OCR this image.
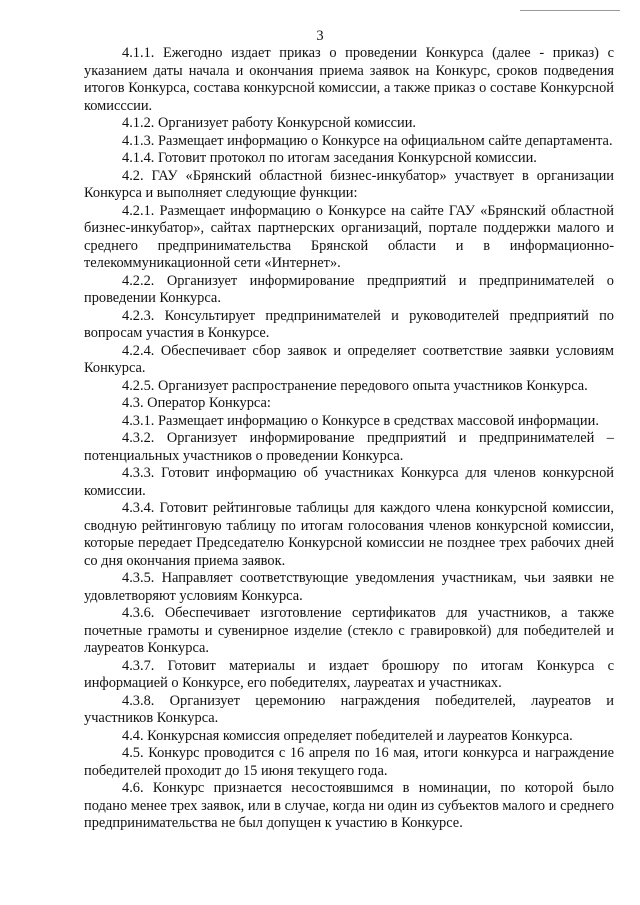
3

4.1.1. Ежегодно издает приказ о проведении Конкурса (далее - приказ) с указанием даты начала и окончания приема заявок на Конкурс, сроков подведения итогов Конкурса, состава конкурсной комиссии, а также приказ о составе Конкурсной комисссии.

4.1.2. Организует работу Конкурсной комиссии.

4.1.3. Размещает информацию о Конкурсе на официальном сайте департамента.

4.1.4. Готовит протокол по итогам заседания Конкурсной комиссии.

4.2. ГАУ «Брянский областной бизнес-инкубатор» участвует в организации Конкурса и выполняет следующие функции:

4.2.1. Размещает информацию о Конкурсе на сайте ГАУ «Брянский областной бизнес-инкубатор», сайтах партнерских организаций, портале поддержки малого и среднего предпринимательства Брянской области и в информационно-телекоммуникационной сети «Интернет».

4.2.2. Организует информирование предприятий и предпринимателей о проведении Конкурса.

4.2.3. Консультирует предпринимателей и руководителей предприятий по вопросам участия в Конкурсе.

4.2.4. Обеспечивает сбор заявок и определяет соответствие заявки условиям Конкурса.

4.2.5. Организует распространение передового опыта участников Конкурса.

4.3. Оператор Конкурса:

4.3.1. Размещает информацию о Конкурсе в средствах массовой информации.

4.3.2. Организует информирование предприятий и предпринимателей – потенциальных участников о проведении Конкурса.

4.3.3. Готовит информацию об участниках Конкурса для членов конкурсной комиссии.

4.3.4. Готовит рейтинговые таблицы для каждого члена конкурсной комиссии, сводную рейтинговую таблицу по итогам голосования членов конкурсной комиссии, которые передает Председателю Конкурсной комиссии не позднее трех рабочих дней со дня окончания приема заявок.

4.3.5. Направляет соответствующие уведомления участникам, чьи заявки не удовлетворяют условиям Конкурса.

4.3.6. Обеспечивает изготовление сертификатов для участников, а также почетные грамоты и сувенирное изделие (стекло с гравировкой) для победителей и лауреатов Конкурса.

4.3.7. Готовит материалы и издает брошюру по итогам Конкурса с информацией о Конкурсе, его победителях, лауреатах и участниках.

4.3.8. Организует церемонию награждения победителей, лауреатов и участников Конкурса.

4.4. Конкурсная комиссия определяет победителей и лауреатов Конкурса.

4.5. Конкурс проводится с 16 апреля по 16 мая, итоги конкурса и награждение победителей проходит до 15 июня текущего года.

4.6. Конкурс признается несостоявшимся в номинации, по которой было подано менее трех заявок, или в случае, когда ни один из субъектов малого и среднего предпринимательства не был допущен к участию в Конкурсе.
